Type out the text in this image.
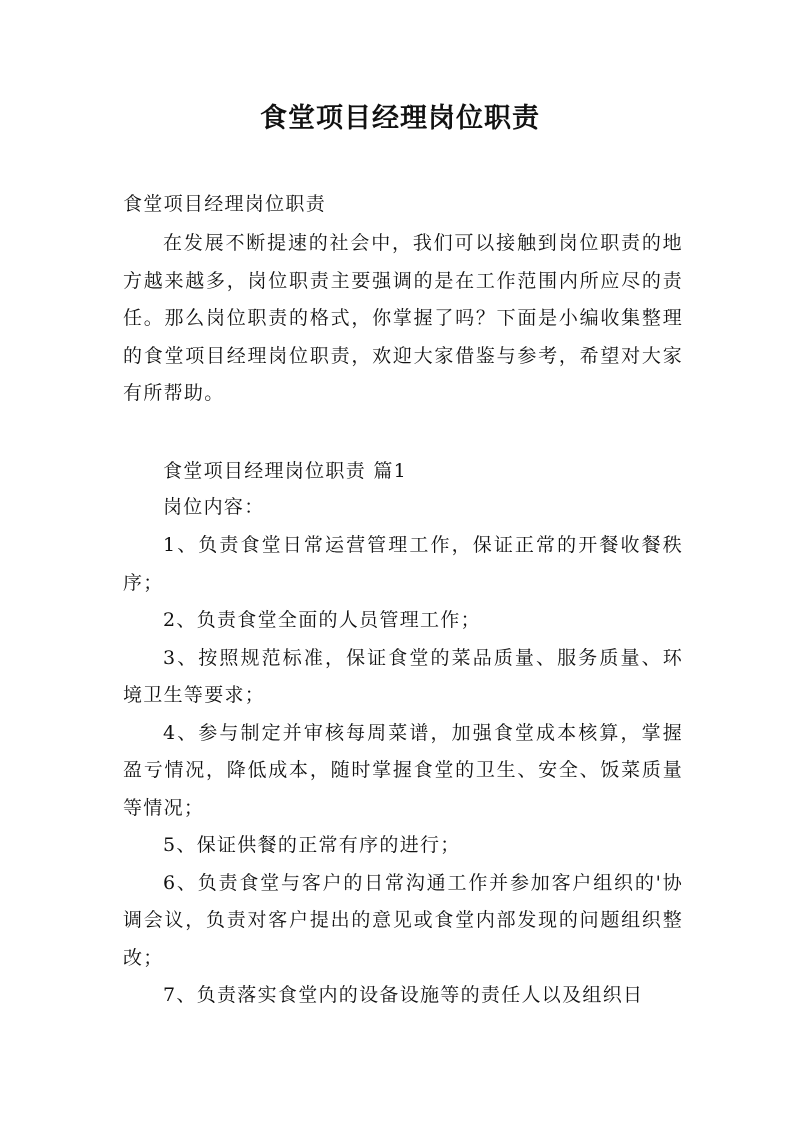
食堂项目经理岗位职责

食堂项目经理岗位职责

在发展不断提速的社会中，我们可以接触到岗位职责的地方越来越多，岗位职责主要强调的是在工作范围内所应尽的责任。那么岗位职责的格式，你掌握了吗？下面是小编收集整理的食堂项目经理岗位职责，欢迎大家借鉴与参考，希望对大家有所帮助。

食堂项目经理岗位职责 篇1

岗位内容：

1、负责食堂日常运营管理工作，保证正常的开餐收餐秩序；

2、负责食堂全面的人员管理工作；

3、按照规范标准，保证食堂的菜品质量、服务质量、环境卫生等要求；

4、参与制定并审核每周菜谱，加强食堂成本核算，掌握盈亏情况，降低成本，随时掌握食堂的卫生、安全、饭菜质量等情况；

5、保证供餐的正常有序的进行；

6、负责食堂与客户的日常沟通工作并参加客户组织的'协调会议，负责对客户提出的意见或食堂内部发现的问题组织整改；

7、负责落实食堂内的设备设施等的责任人以及组织日
